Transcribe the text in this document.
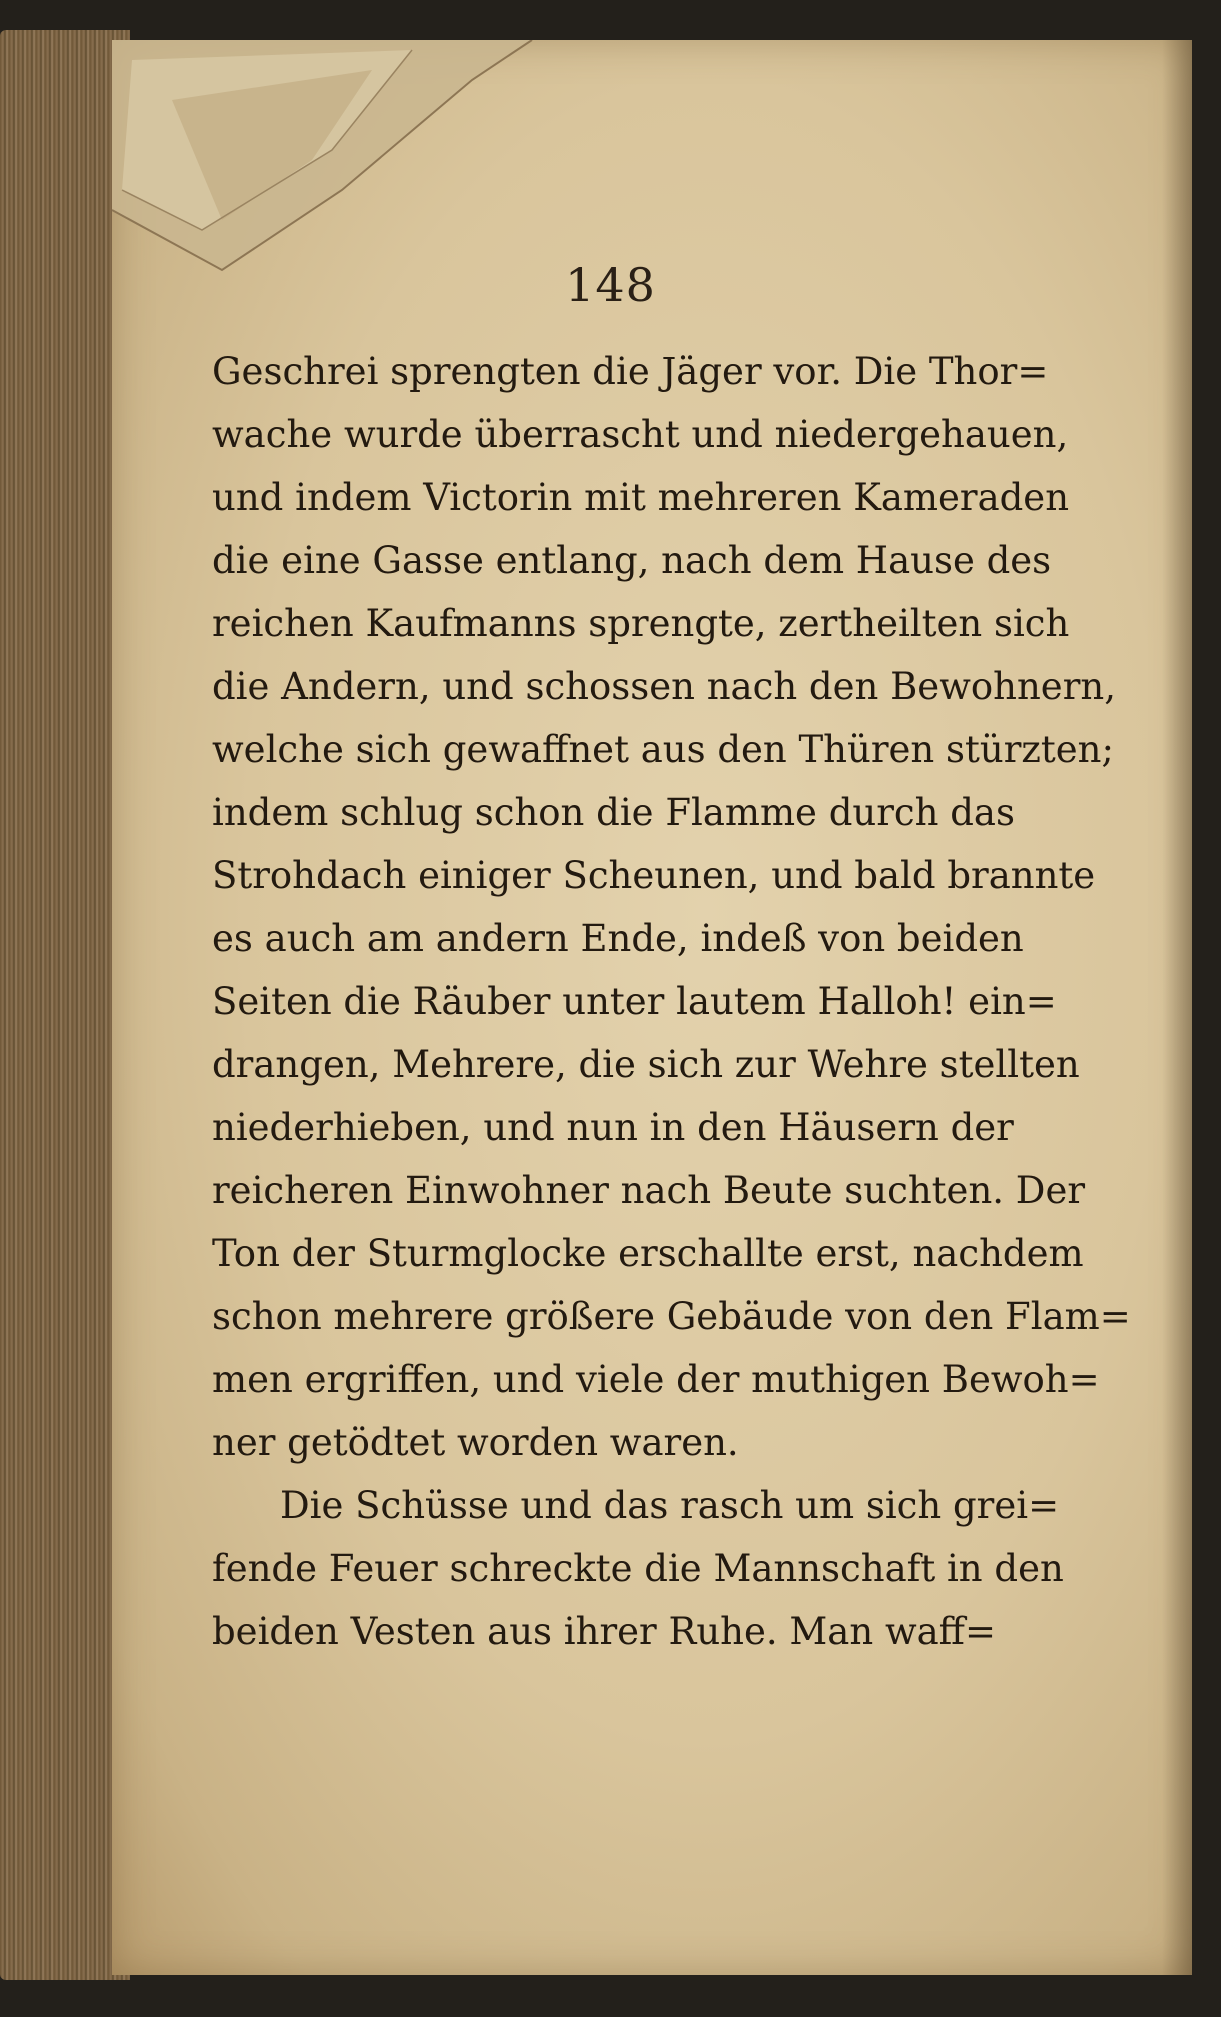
148
Geschrei sprengten die Jäger vor. Die Thor=
wache wurde überrascht und niedergehauen,
und indem Victorin mit mehreren Kameraden
die eine Gasse entlang, nach dem Hause des
reichen Kaufmanns sprengte, zertheilten sich
die Andern, und schossen nach den Bewohnern,
welche sich gewaffnet aus den Thüren stürzten;
indem schlug schon die Flamme durch das
Strohdach einiger Scheunen, und bald brannte
es auch am andern Ende, indeß von beiden
Seiten die Räuber unter lautem Halloh! ein=
drangen, Mehrere, die sich zur Wehre stellten
niederhieben, und nun in den Häusern der
reicheren Einwohner nach Beute suchten. Der
Ton der Sturmglocke erschallte erst, nachdem
schon mehrere größere Gebäude von den Flam=
men ergriffen, und viele der muthigen Bewoh=
ner getödtet worden waren.
Die Schüsse und das rasch um sich grei=
fende Feuer schreckte die Mannschaft in den
beiden Vesten aus ihrer Ruhe. Man waff=
